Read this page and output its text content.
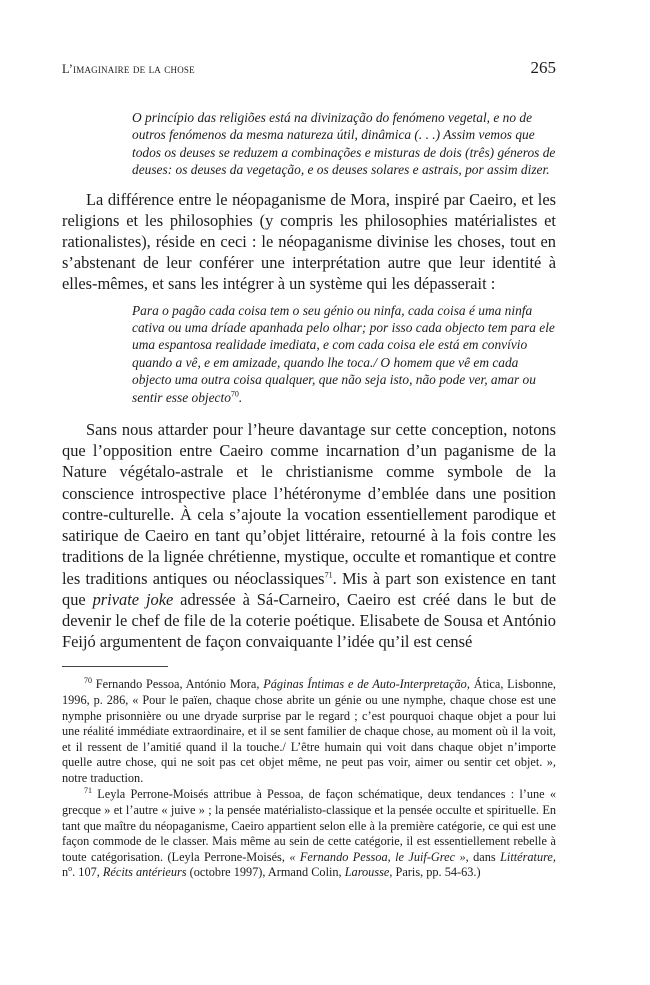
L’imaginaire de la chose	265

O princípio das religiões está na divinização do fenómeno vegetal, e no de outros fenómenos da mesma natureza útil, dinâmica (. . .) Assim vemos que todos os deuses se reduzem a combinações e misturas de dois (três) géneros de deuses: os deuses da vegetação, e os deuses solares e astrais, por assim dizer.

La différence entre le néopaganisme de Mora, inspiré par Caeiro, et les religions et les philosophies (y compris les philosophies matérialistes et rationalistes), réside en ceci : le néopaganisme divinise les choses, tout en s’abstenant de leur conférer une interprétation autre que leur identité à elles-mêmes, et sans les intégrer à un système qui les dépasserait :

Para o pagão cada coisa tem o seu génio ou ninfa, cada coisa é uma ninfa cativa ou uma dríade apanhada pelo olhar; por isso cada objecto tem para ele uma espantosa realidade imediata, e com cada coisa ele está em convívio quando a vê, e em amizade, quando lhe toca./ O homem que vê em cada objecto uma outra coisa qualquer, que não seja isto, não pode ver, amar ou sentir esse objecto$^{70}$.

Sans nous attarder pour l’heure davantage sur cette conception, notons que l’opposition entre Caeiro comme incarnation d’un paganisme de la Nature végétalo-astrale et le christianisme comme symbole de la conscience introspective place l’hétéronyme d’emblée dans une position contre-culturelle. À cela s’ajoute la vocation essentiellement parodique et satirique de Caeiro en tant qu’objet littéraire, retourné à la fois contre les traditions de la lignée chrétienne, mystique, occulte et romantique et contre les traditions antiques ou néoclassiques$^{71}$. Mis à part son existence en tant que private joke adressée à Sá-Carneiro, Caeiro est créé dans le but de devenir le chef de file de la coterie poétique. Elisabete de Sousa et António Feijó argumentent de façon convaiquante l’idée qu’il est censé

$^{70}$ Fernando Pessoa, António Mora, Páginas Íntimas e de Auto-Interpretação, Ática, Lisbonne, 1996, p. 286, « Pour le païen, chaque chose abrite un génie ou une nymphe, chaque chose est une nymphe prisonnière ou une dryade surprise par le regard ; c’est pourquoi chaque objet a pour lui une réalité immédiate extraordinaire, et il se sent familier de chaque chose, au moment où il la voit, et il ressent de l’amitié quand il la touche./ L’être humain qui voit dans chaque objet n’importe quelle autre chose, qui ne soit pas cet objet même, ne peut pas voir, aimer ou sentir cet objet. », notre traduction.

$^{71}$ Leyla Perrone-Moisés attribue à Pessoa, de façon schématique, deux tendances : l’une « grecque » et l’autre « juive » ; la pensée matérialisto-classique et la pensée occulte et spirituelle. En tant que maître du néopaganisme, Caeiro appartient selon elle à la première catégorie, ce qui est une façon commode de le classer. Mais même au sein de cette catégorie, il est essentiellement rebelle à toute catégorisation. (Leyla Perrone-Moisés, « Fernando Pessoa, le Juif-Grec », dans Littérature, $n^o$. 107, Récits antérieurs (octobre 1997), Armand Colin, Larousse, Paris, pp. 54-63.)
